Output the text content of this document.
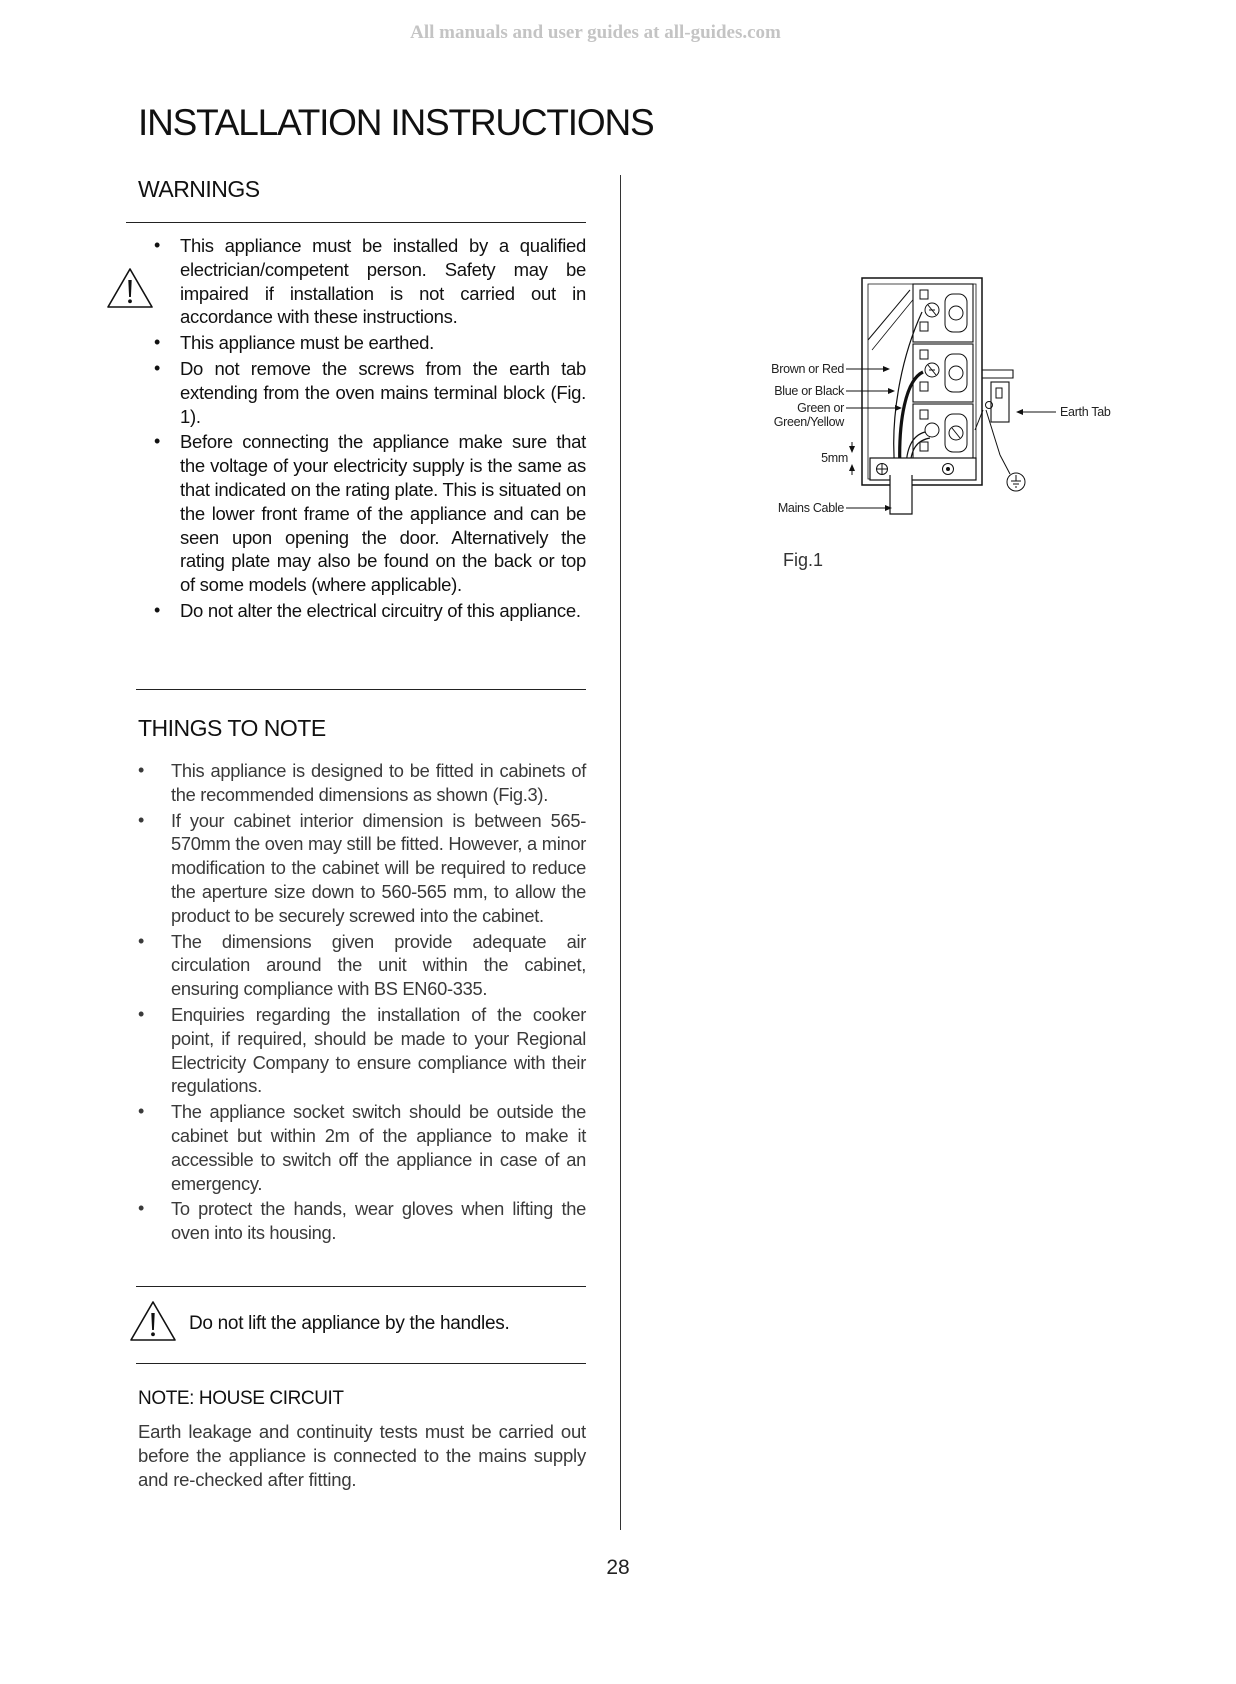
All manuals and user guides at all-guides.com
INSTALLATION INSTRUCTIONS
WARNINGS
• This appliance must be installed by a qualified electrician/competent person. Safety may be impaired if installation is not carried out in accordance with these instructions.
• This appliance must be earthed.
• Do not remove the screws from the earth tab extending from the oven mains terminal block (Fig. 1).
• Before connecting the appliance make sure that the voltage of your electricity supply is the same as that indicated on the rating plate. This is situated on the lower front frame of the appliance and can be seen upon opening the door. Alternatively the rating plate may also be found on the back or top of some models (where applicable).
• Do not alter the electrical circuitry of this appliance.
THINGS TO NOTE
• This appliance is designed to be fitted in cabinets of the recommended dimensions as shown (Fig.3).
• If your cabinet interior dimension is between 565-570mm the oven may still be fitted. However, a minor modification to the cabinet will be required to reduce the aperture size down to 560-565 mm, to allow the product to be securely screwed into the cabinet.
• The dimensions given provide adequate air circulation around the unit within the cabinet, ensuring compliance with BS EN60-335.
• Enquiries regarding the installation of the cooker point, if required, should be made to your Regional Electricity Company to ensure compliance with their regulations.
• The appliance socket switch should be outside the cabinet but within 2m of the appliance to make it accessible to switch off the appliance in case of an emergency.
• To protect the hands, wear gloves when lifting the oven into its housing.
Do not lift the appliance by the handles.
NOTE: HOUSE CIRCUIT

Earth leakage and continuity tests must be carried out before the appliance is connected to the mains supply and re-checked after fitting.

Brown or Red
Blue or Black
Green or
Green/Yellow
5mm
Mains Cable
Earth Tab
Fig.1
28
